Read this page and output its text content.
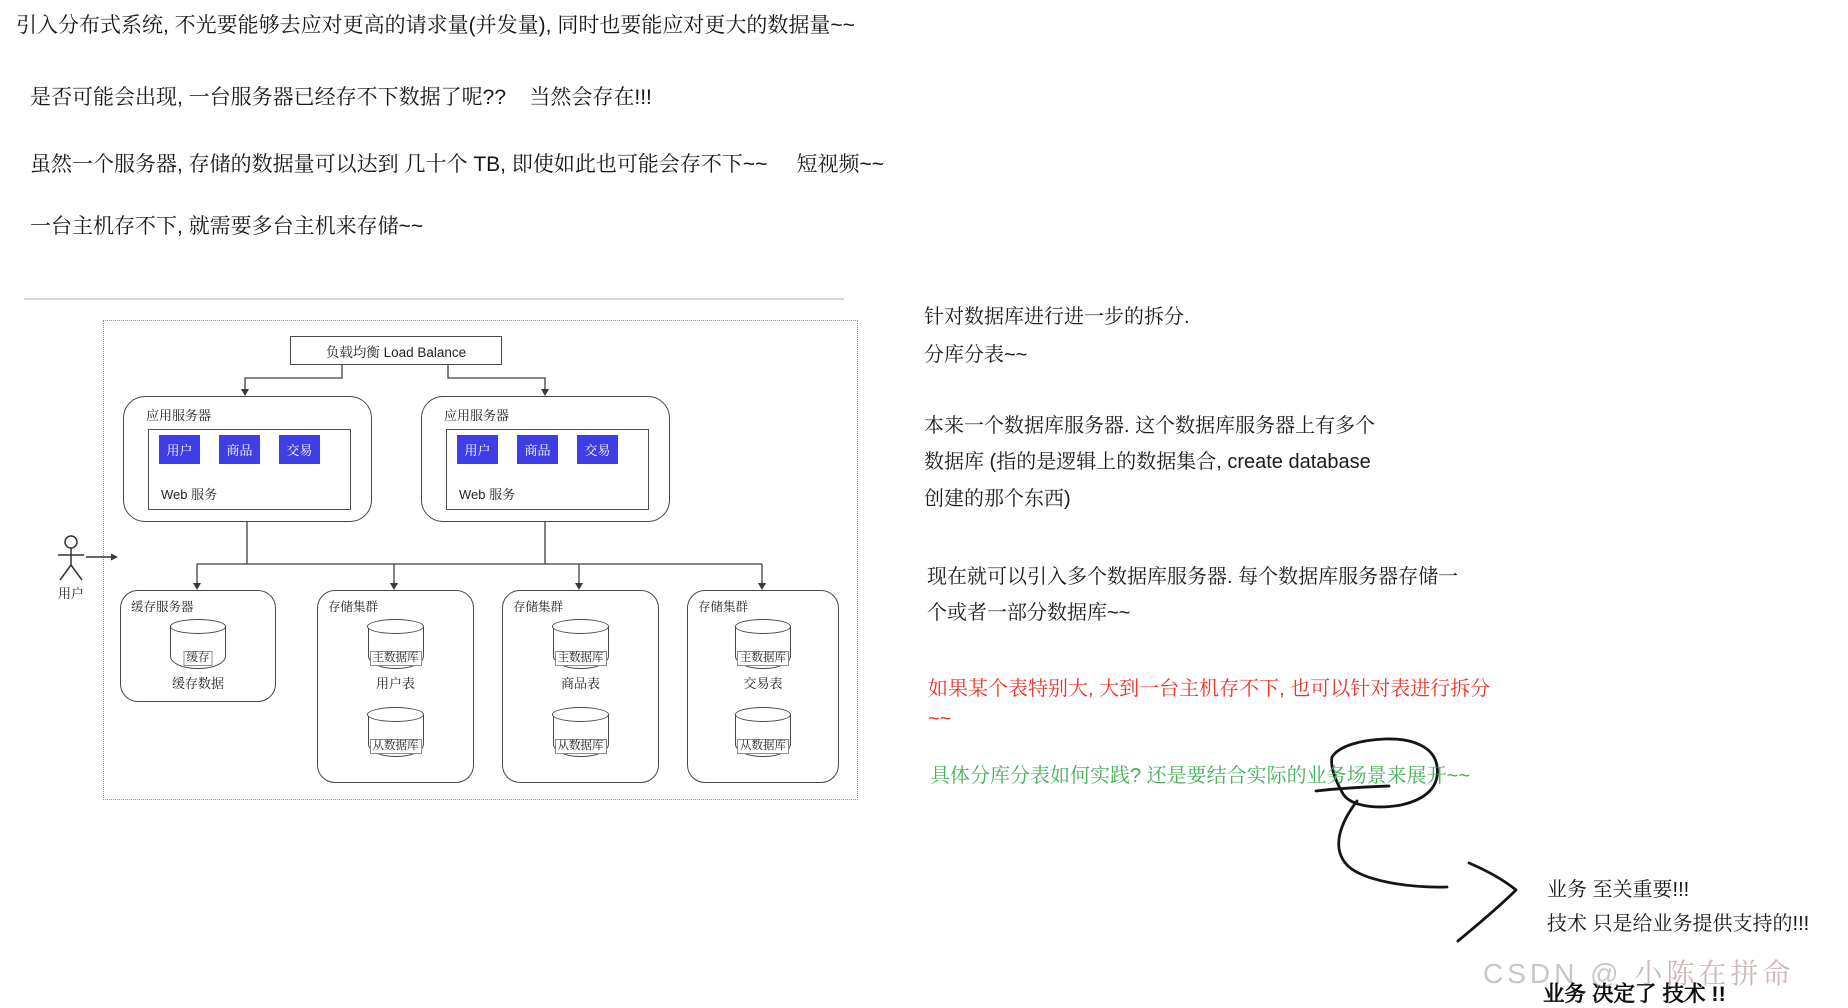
引入分布式系统, 不光要能够去应对更高的请求量(并发量), 同时也要能应对更大的数据量~~
是否可能会出现, 一台服务器已经存不下数据了呢??    当然会存在!!!
虽然一个服务器, 存储的数据量可以达到 几十个 TB, 即使如此也可能会存不下~~     短视频~~
一台主机存不下, 就需要多台主机来存储~~
负载均衡 Load Balance
应用服务器
用户	商品	交易
Web 服务
应用服务器
用户	商品	交易
Web 服务
用户
缓存服务器
缓存
缓存数据
存储集群
主数据库
用户表
从数据库
存储集群
主数据库
商品表
从数据库
存储集群
主数据库
交易表
从数据库
针对数据库进行进一步的拆分.
分库分表~~
本来一个数据库服务器. 这个数据库服务器上有多个
数据库 (指的是逻辑上的数据集合, create database
创建的那个东西)
现在就可以引入多个数据库服务器. 每个数据库服务器存储一
个或者一部分数据库~~
如果某个表特别大, 大到一台主机存不下, 也可以针对表进行拆分
~~
具体分库分表如何实践? 还是要结合实际的业务场景来展开~~
业务 至关重要!!!
技术 只是给业务提供支持的!!!
CSDN @ 小陈在拼命
业务 决定了 技术 !!
